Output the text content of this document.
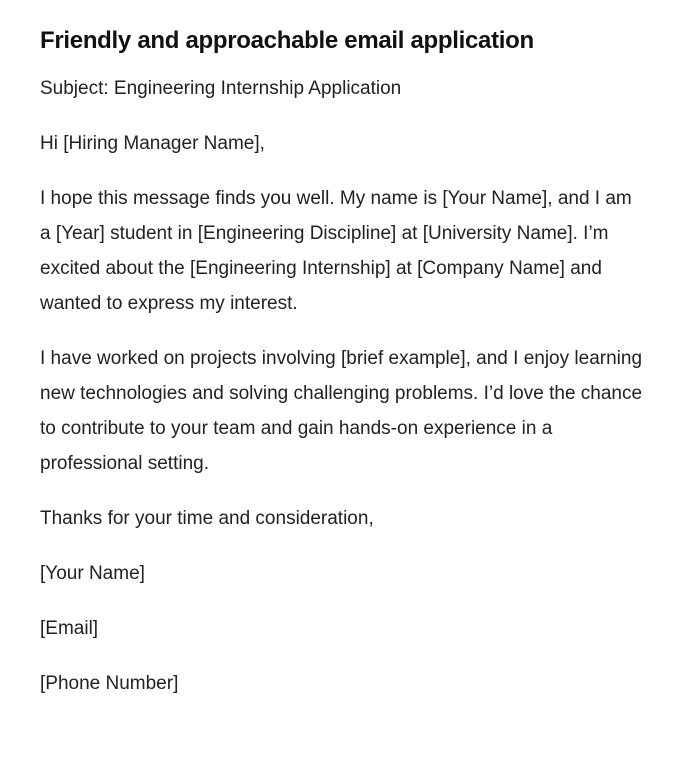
Friendly and approachable email application

Subject: Engineering Internship Application

Hi [Hiring Manager Name],

I hope this message finds you well. My name is [Your Name], and I am a [Year] student in [Engineering Discipline] at [University Name]. I’m excited about the [Engineering Internship] at [Company Name] and wanted to express my interest.

I have worked on projects involving [brief example], and I enjoy learning new technologies and solving challenging problems. I’d love the chance to contribute to your team and gain hands-on experience in a professional setting.

Thanks for your time and consideration,

[Your Name]

[Email]

[Phone Number]
